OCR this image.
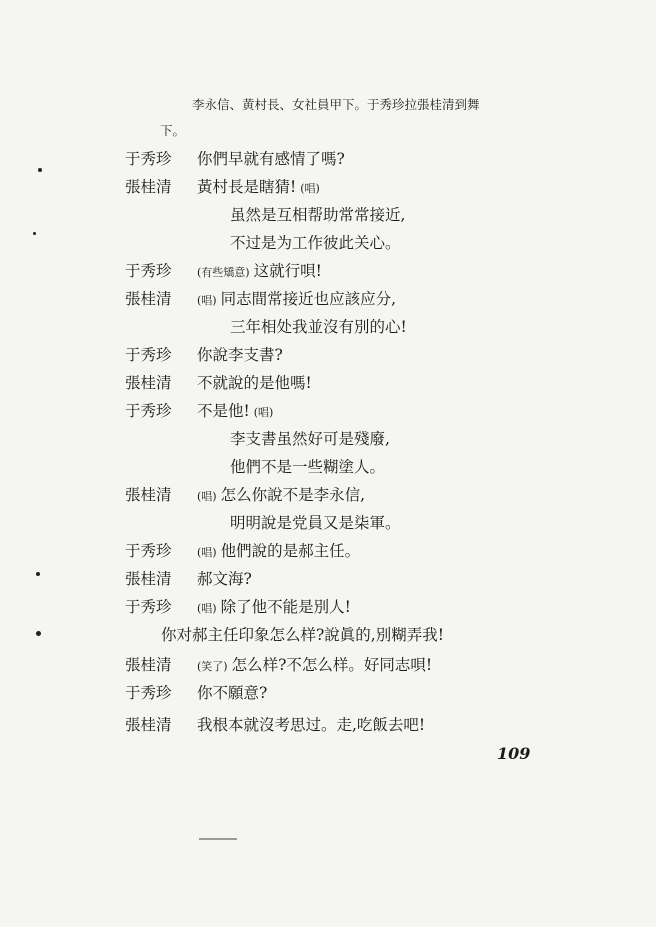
李永信、黄村長、女社員甲下。于秀珍拉張桂清到舞
下。
于秀珍 你們早就有感情了嗎?
張桂清 黃村長是瞎猜! (唱)
虽然是互相帮助常常接近,
不过是为工作彼此关心。
于秀珍 (有些矯意) 这就行唄!
張桂清 (唱) 同志間常接近也应該应分,
三年相处我並沒有別的心!
于秀珍 你說李支書?
張桂清 不就說的是他嗎!
于秀珍 不是他! (唱)
李支書虽然好可是殘廢,
他們不是一些糊塗人。
張桂清 (唱) 怎么你說不是李永信,
明明說是党員又是柒軍。
于秀珍 (唱) 他們說的是郝主任。
張桂清 郝文海?
于秀珍 (唱) 除了他不能是別人!
你对郝主任印象怎么样?說眞的,別糊弄我!
張桂清 (笑了) 怎么样?不怎么样。好同志唄!
于秀珍 你不願意?
張桂清 我根本就沒考思过。走,吃飯去吧!
109
